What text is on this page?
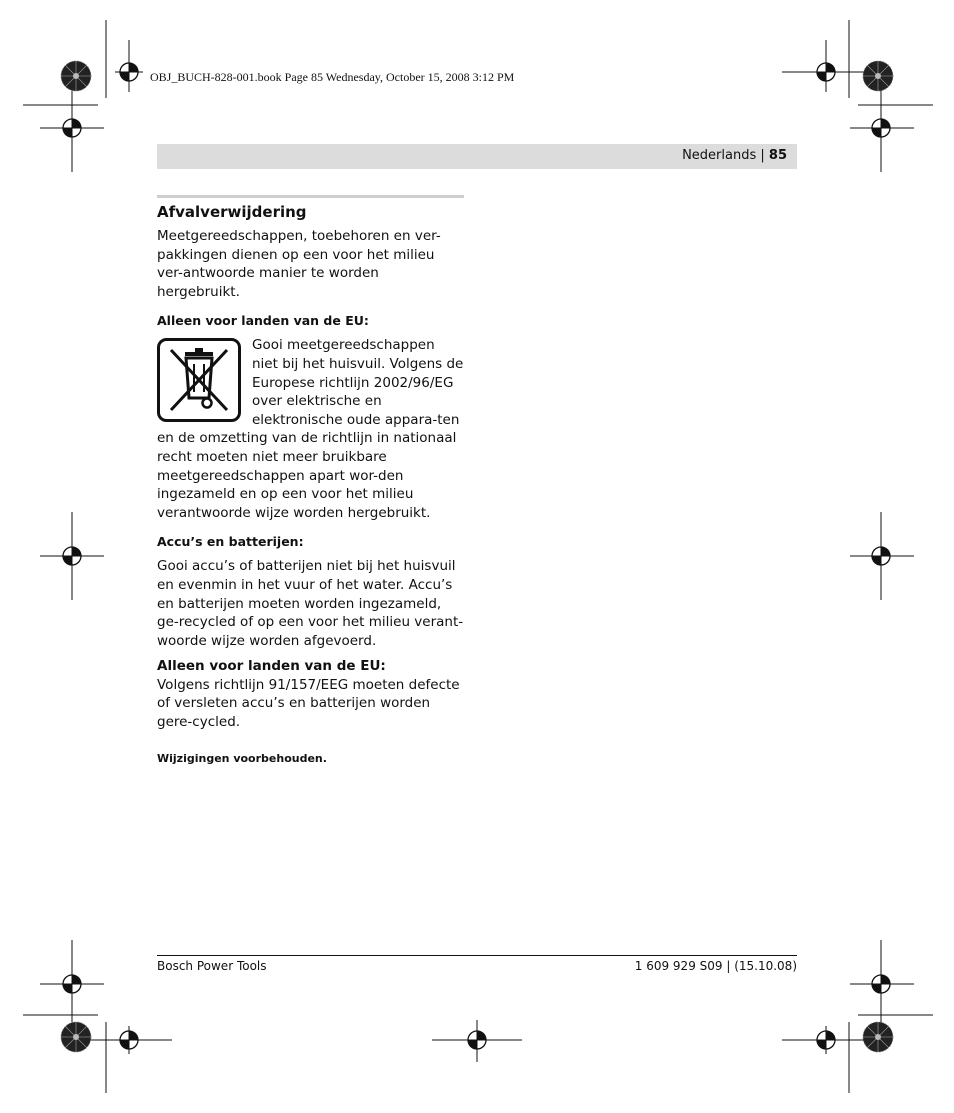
OBJ_BUCH-828-001.book Page 85 Wednesday, October 15, 2008 3:12 PM
Nederlands | 85
Afvalverwijdering

Meetgereedschappen, toebehoren en ver-pakkingen dienen op een voor het milieu ver-antwoorde manier te worden hergebruikt.

Alleen voor landen van de EU:

Gooi meetgereedschappen niet bij het huisvuil. Volgens de Europese richtlijn 2002/96/EG over elektrische en elektronische oude appara-ten en de omzetting van de richtlijn in nationaal recht moeten niet meer bruikbare meetgereedschappen apart wor-den ingezameld en op een voor het milieu verantwoorde wijze worden hergebruikt.

Accu’s en batterijen:

Gooi accu’s of batterijen niet bij het huisvuil en evenmin in het vuur of het water. Accu’s en batterijen moeten worden ingezameld, ge-recycled of op een voor het milieu verant-woorde wijze worden afgevoerd.

Alleen voor landen van de EU:

Volgens richtlijn 91/157/EEG moeten defecte of versleten accu’s en batterijen worden gere-cycled.

Wijzigingen voorbehouden.
Bosch Power Tools	1 609 929 S09 | (15.10.08)
